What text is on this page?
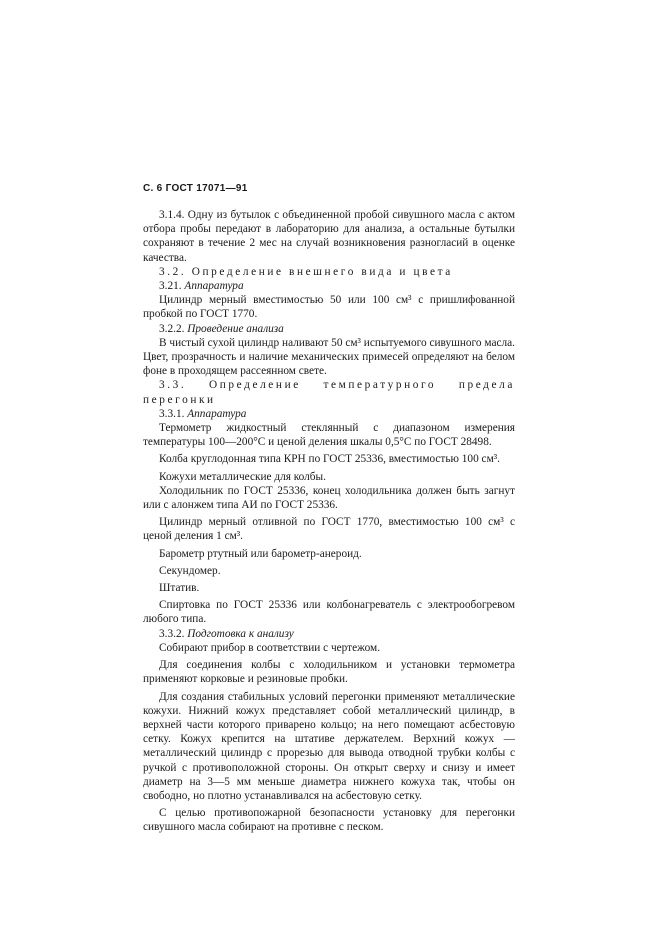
С. 6 ГОСТ 17071—91

3.1.4. Одну из бутылок с объединенной пробой сивушного масла с актом отбора пробы передают в лабораторию для анализа, а остальные бутылки сохраняют в течение 2 мес на случай возникновения разногласий в оценке качества.

3.2. Определение внешнего вида и цвета

3.21. Аппаратура

Цилиндр мерный вместимостью 50 или 100 см³ с пришлифованной пробкой по ГОСТ 1770.

3.2.2. Проведение анализа

В чистый сухой цилиндр наливают 50 см³ испытуемого сивушного масла. Цвет, прозрачность и наличие механических примесей определяют на белом фоне в проходящем рассеянном свете.

3.3. Определение температурного предела перегонки

3.3.1. Аппаратура

Термометр жидкостный стеклянный с диапазоном измерения температуры 100—200°С и ценой деления шкалы 0,5°С по ГОСТ 28498.

Колба круглодонная типа КРН по ГОСТ 25336, вместимостью 100 см³.

Кожухи металлические для колбы.

Холодильник по ГОСТ 25336, конец холодильника должен быть загнут или с алонжем типа АИ по ГОСТ 25336.

Цилиндр мерный отливной по ГОСТ 1770, вместимостью 100 см³ с ценой деления 1 см³.

Барометр ртутный или барометр-анероид.

Секундомер.

Штатив.

Спиртовка по ГОСТ 25336 или колбонагреватель с электрообогревом любого типа.

3.3.2. Подготовка к анализу

Собирают прибор в соответствии с чертежом.

Для соединения колбы с холодильником и установки термометра применяют корковые и резиновые пробки.

Для создания стабильных условий перегонки применяют металлические кожухи. Нижний кожух представляет собой металлический цилиндр, в верхней части которого приварено кольцо; на него помещают асбестовую сетку. Кожух крепится на штативе держателем. Верхний кожух — металлический цилиндр с прорезью для вывода отводной трубки колбы с ручкой с противоположной стороны. Он открыт сверху и снизу и имеет диаметр на 3—5 мм меньше диаметра нижнего кожуха так, чтобы он свободно, но плотно устанавливался на асбестовую сетку.

С целью противопожарной безопасности установку для перегонки сивушного масла собирают на противне с песком.
